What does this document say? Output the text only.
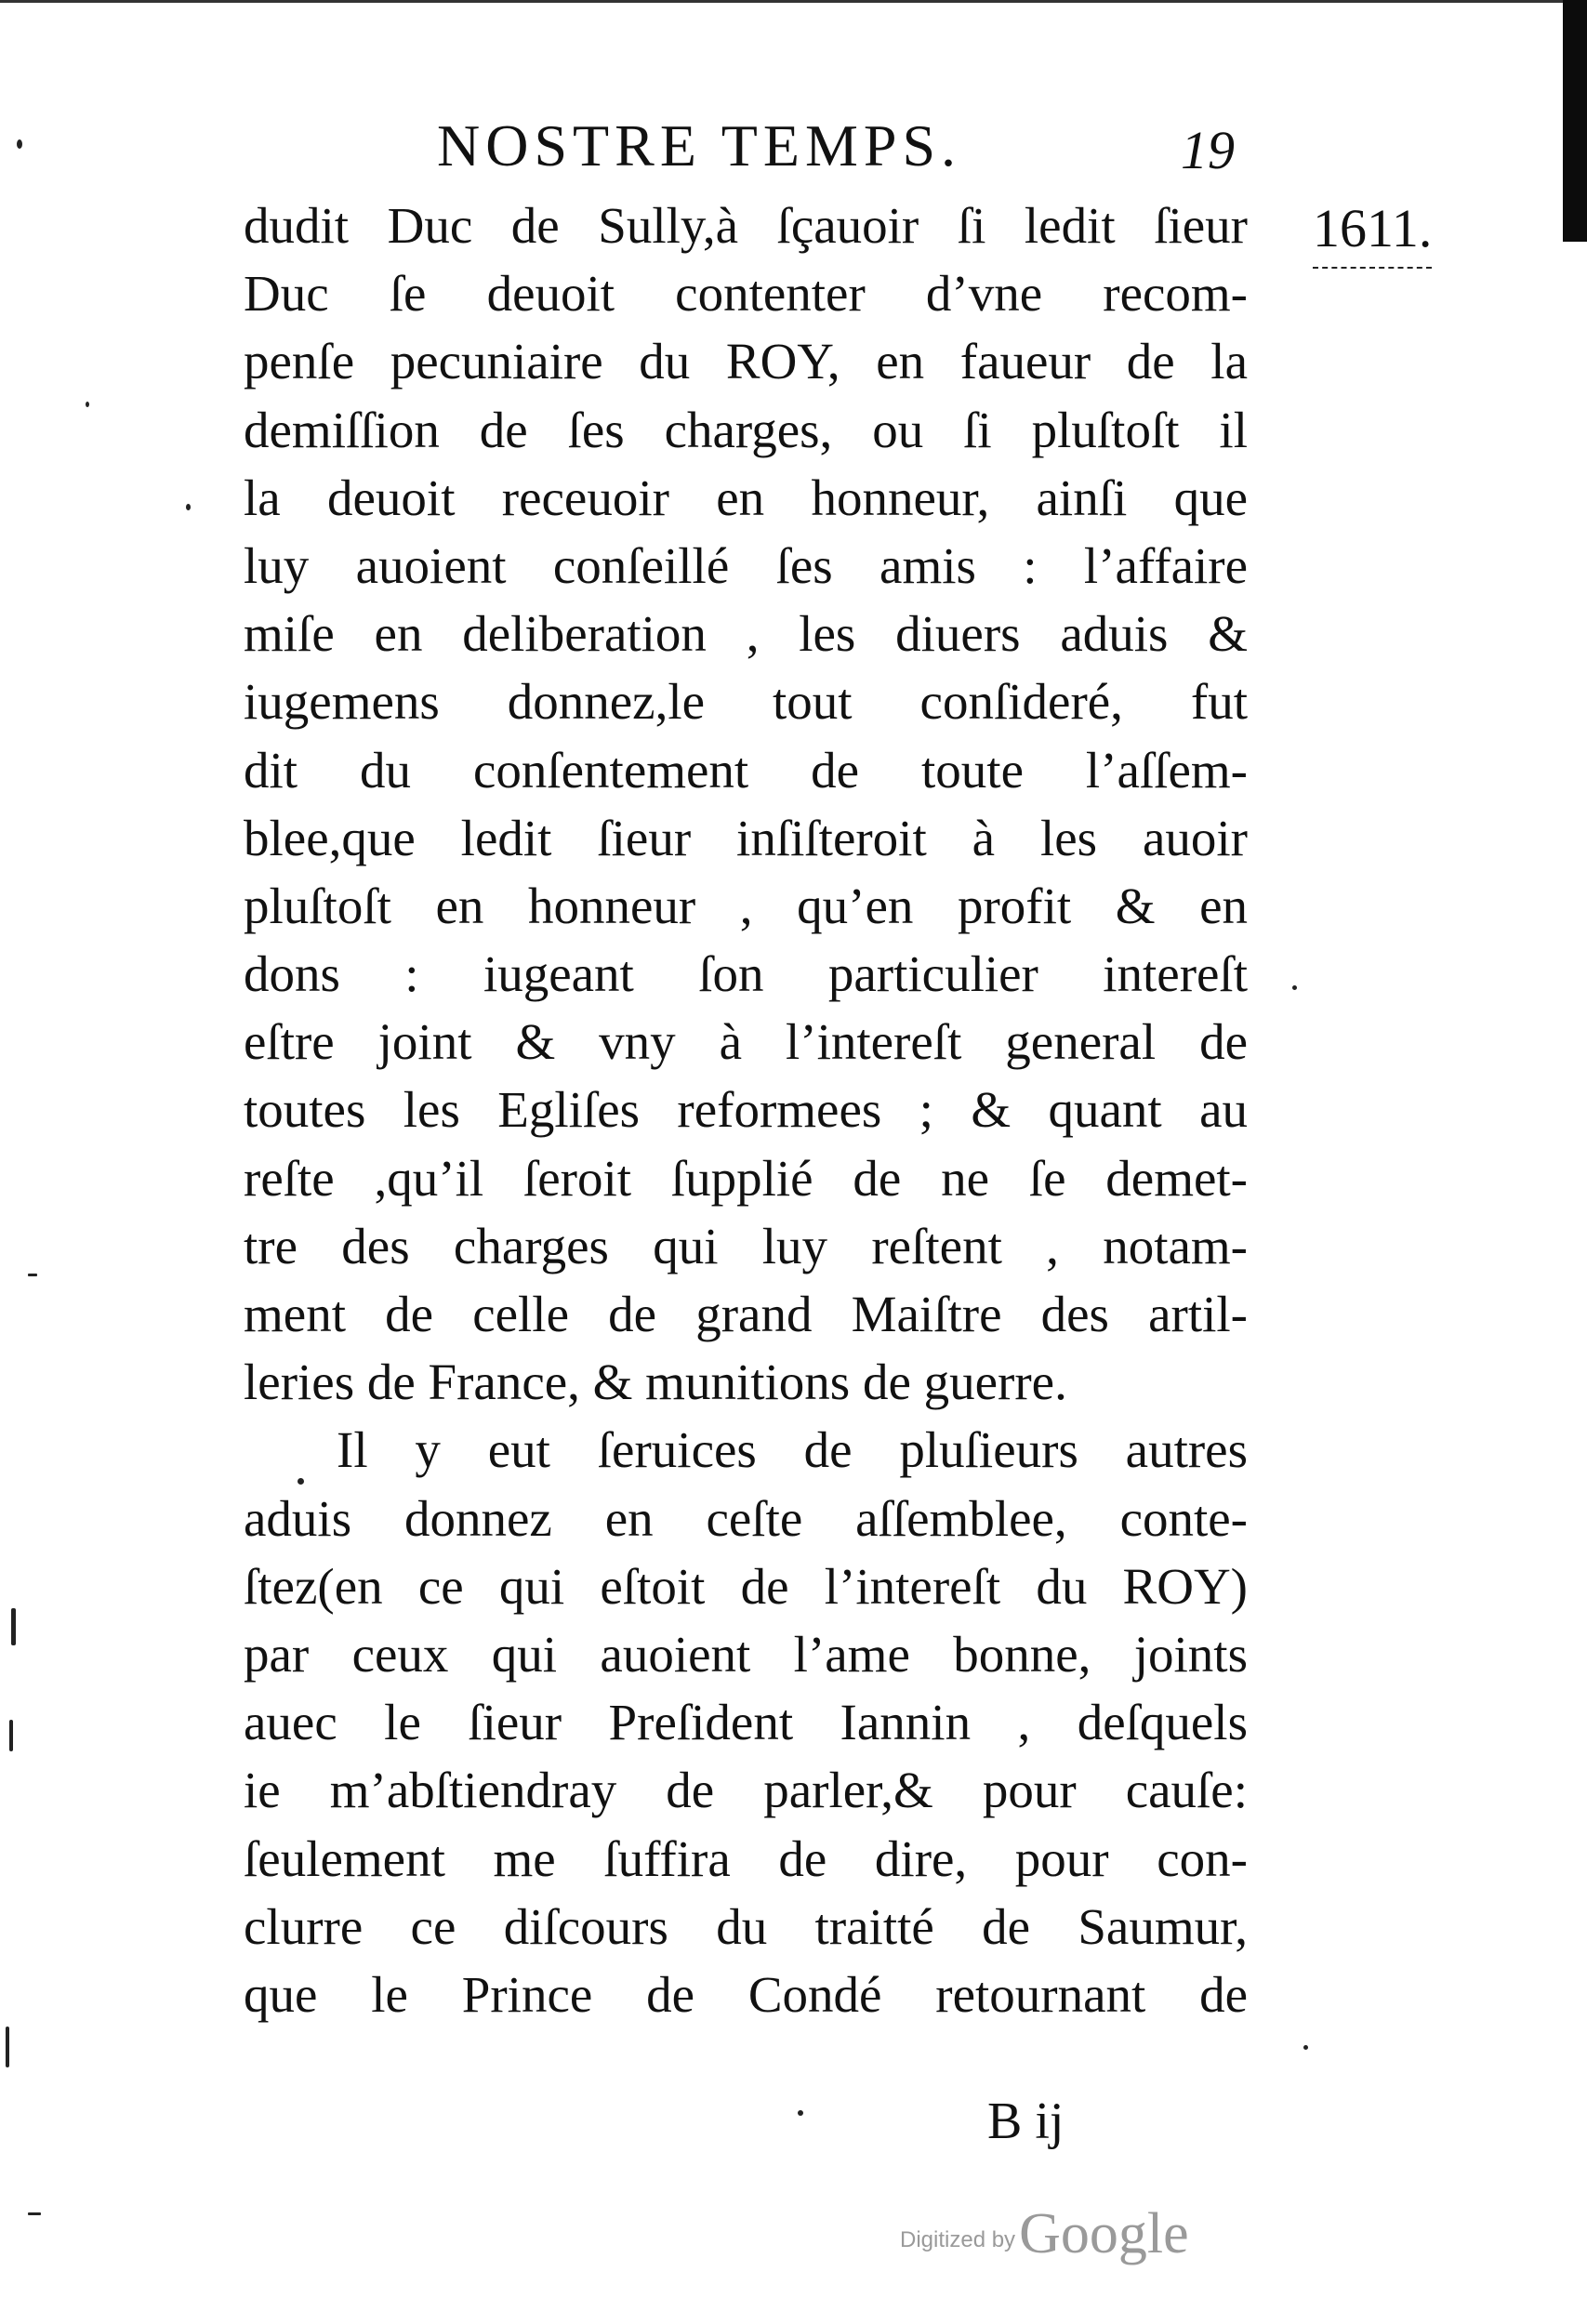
NOSTRE TEMPS.	19
1611.
dudit Duc de Sully,à ſçauoir ſi ledit ſieur
Duc ſe deuoit contenter d’vne recom-
penſe pecuniaire du ROY, en faueur de la
demiſſion de ſes charges, ou ſi pluſtoſt il
la deuoit receuoir en honneur, ainſi que
luy auoient conſeillé ſes amis : l’affaire
miſe en deliberation , les diuers aduis &
iugemens donnez,le tout conſideré, fut
dit du conſentement de toute l’aſſem-
blee,que ledit ſieur inſiſteroit à les auoir
pluſtoſt en honneur , qu’en profit & en
dons : iugeant ſon particulier intereſt
eſtre joint & vny à l’intereſt general de
toutes les Egliſes reformees ; & quant au
reſte ,qu’il ſeroit ſupplié de ne ſe demet-
tre des charges qui luy reſtent , notam-
ment de celle de grand Maiſtre des artil-
leries de France, & munitions de guerre.
Il y eut ſeruices de pluſieurs autres
aduis donnez en ceſte aſſemblee, conte-
ſtez(en ce qui eſtoit de l’intereſt du ROY)
par ceux qui auoient l’ame bonne, joints
auec le ſieur Preſident Iannin , deſquels
ie m’abſtiendray de parler,& pour cauſe:
ſeulement me ſuffira de dire, pour con-
clurre ce diſcours du traitté de Saumur,
que le Prince de Condé retournant de
B ij
Digitized by Google
